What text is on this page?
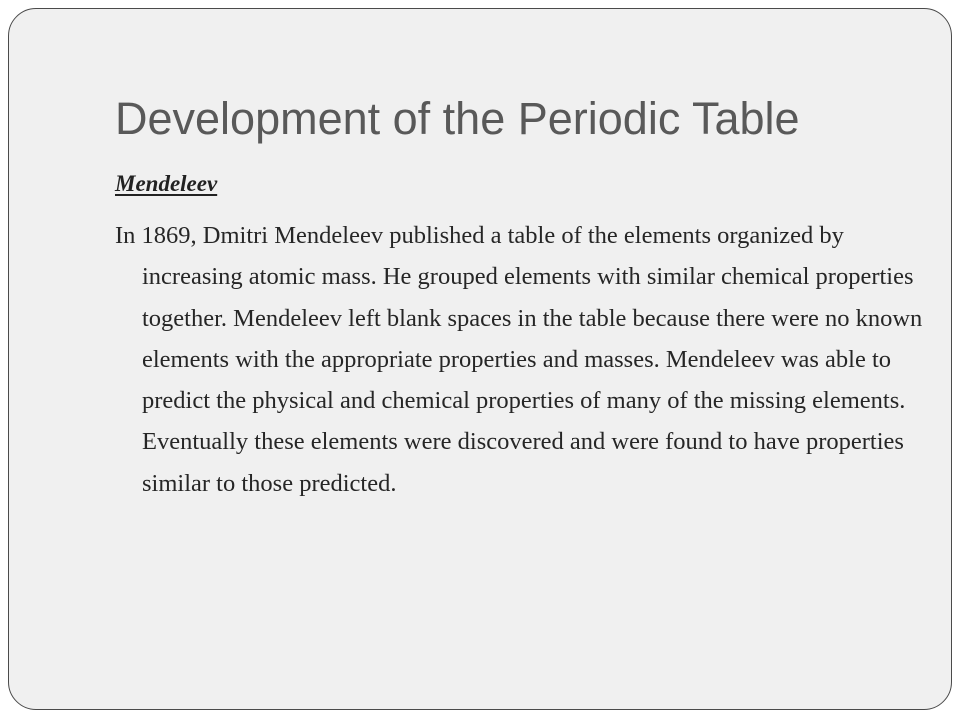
Development of the Periodic Table

Mendeleev

In 1869, Dmitri Mendeleev published a table of the elements organized by increasing atomic mass. He grouped elements with similar chemical properties together. Mendeleev left blank spaces in the table because there were no known elements with the appropriate properties and masses. Mendeleev was able to predict the physical and chemical properties of many of the missing elements.  Eventually these elements were discovered and were found to have properties similar to those predicted.
